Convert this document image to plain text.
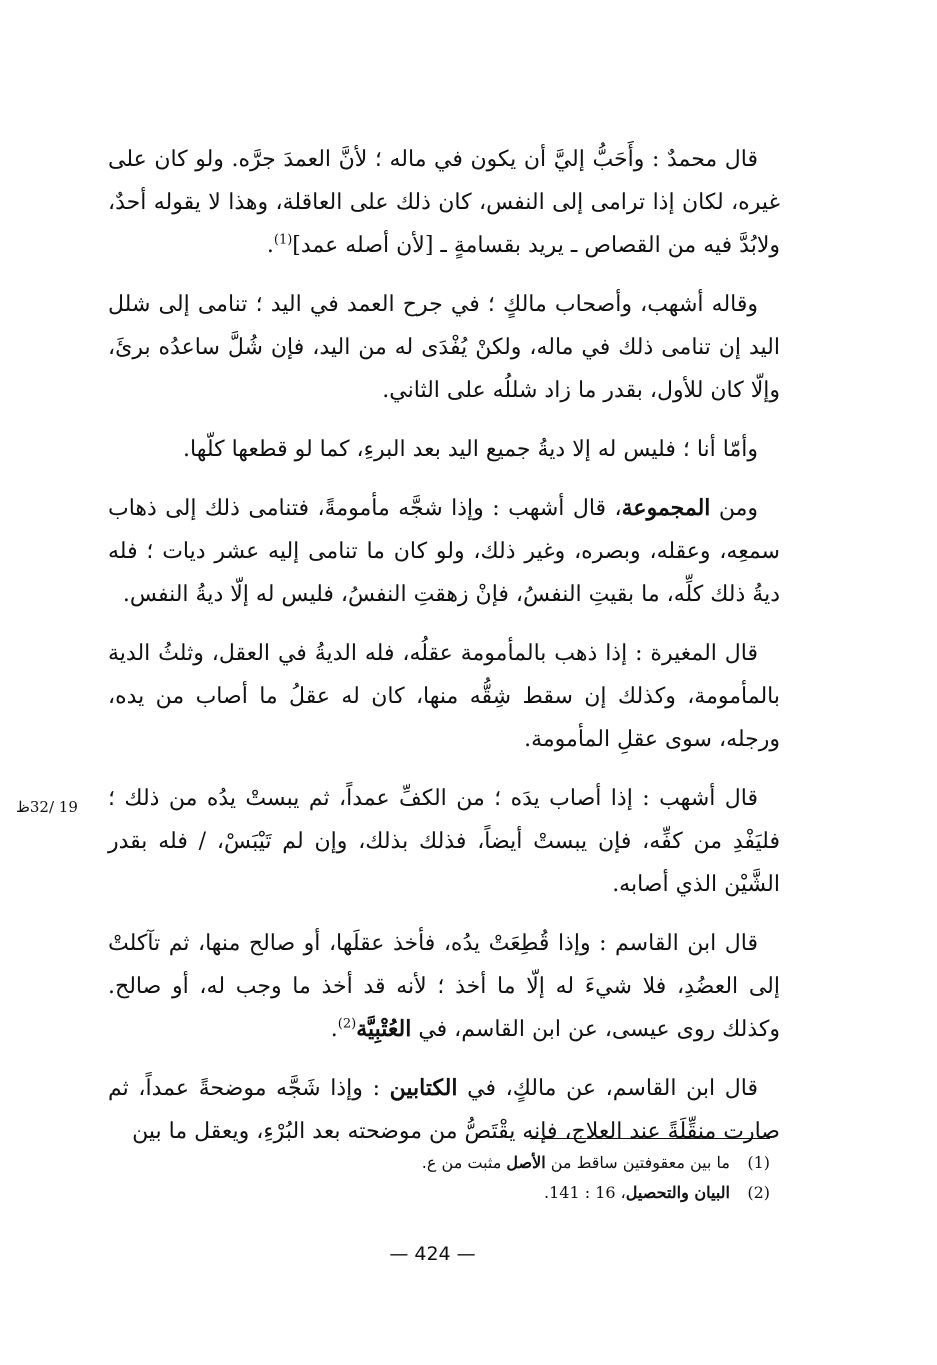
قال محمدٌ : وأَحَبُّ إليَّ أن يكون في ماله ؛ لأنَّ العمدَ جرَّه. ولو كان على غيره، لكان إذا ترامى إلى النفس، كان ذلك على العاقلة، وهذا لا يقوله أحدٌ، ولابُدَّ فيه من القصاص ـ يريد بقسامةٍ ـ [لأن أصله عمد]$^{(1)}$.

وقاله أشهب، وأصحاب مالكٍ ؛ في جرح العمد في اليد ؛ تنامى إلى شلل اليد إن تنامى ذلك في ماله، ولكنْ يُفْدَى له من اليد، فإن شُلَّ ساعدُه برئَ، وإلّا كان للأول، بقدر ما زاد شللُه على الثاني.

وأمّا أنا ؛ فليس له إلا ديةُ جميع اليد بعد البرءِ، كما لو قطعها كلّها.

ومن المجموعة، قال أشهب : وإذا شجَّه مأمومةً، فتنامى ذلك إلى ذهاب سمعِه، وعقله، وبصره، وغير ذلك، ولو كان ما تنامى إليه عشر ديات ؛ فله ديةُ ذلك كلِّه، ما بقيتِ النفسُ، فإنْ زهقتِ النفسُ، فليس له إلّا ديةُ النفس.

قال المغيرة : إذا ذهب بالمأمومة عقلُه، فله الديةُ في العقل، وثلثُ الدية بالمأمومة، وكذلك إن سقط شِقُّه منها، كان له عقلُ ما أصاب من يده، ورجله، سوى عقلِ المأمومة.

قال أشهب : إذا أصاب يدَه ؛ من الكفِّ عمداً، ثم يبستْ يدُه من ذلك ؛ فليَفْدِ من كفِّه، فإن يبستْ أيضاً، فذلك بذلك، وإن لم تَيْبَسْ، / فله بقدر الشَّيْن الذي أصابه.

قال ابن القاسم : وإذا قُطِعَتْ يدُه، فأخذ عقلَها، أو صالح منها، ثم تآكلتْ إلى العضُدِ، فلا شيءَ له إلّا ما أخذ ؛ لأنه قد أخذ ما وجب له، أو صالح. وكذلك روى عيسى، عن ابن القاسم، في العُتْبِيَّة$^{(2)}$.

قال ابن القاسم، عن مالكٍ، في الكتابين : وإذا شَجَّه موضحةً عمداً، ثم صارت منقِّلَةً عند العلاج، فإنه يقْتَصُّ من موضحته بعد البُرْءِ، ويعقل ما بين

19 /32ظ
(1)
ما بين معقوفتين ساقط من الأصل مثبت من ع.
(2)
البيان والتحصيل، 16 : 141.
— 424 —
